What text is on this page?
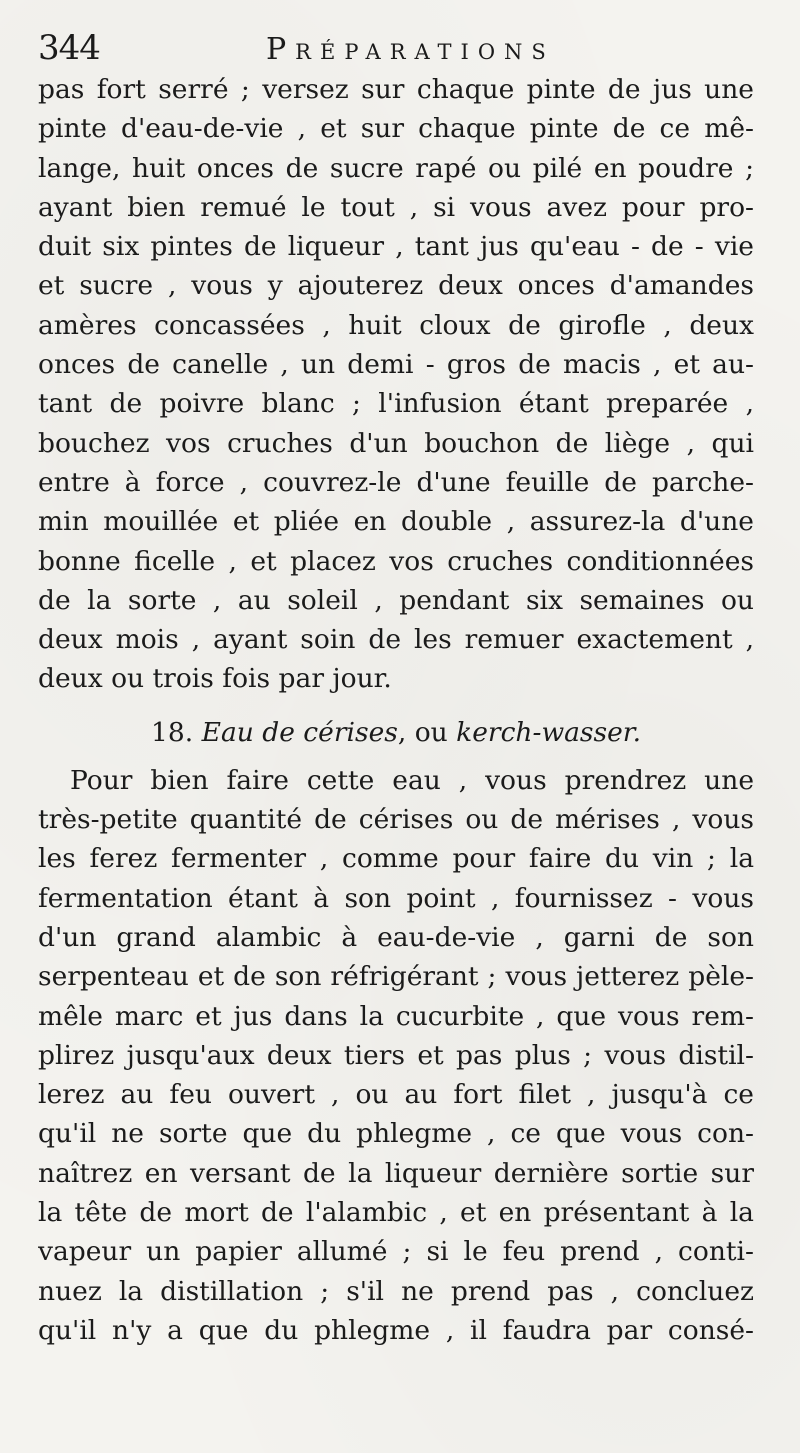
344	Préparations
pas fort serré ; versez sur chaque pinte de jus une
pinte d'eau-de-vie , et sur chaque pinte de ce mê-
lange, huit onces de sucre rapé ou pilé en poudre ;
ayant bien remué le tout , si vous avez pour pro-
duit six pintes de liqueur , tant jus qu'eau - de - vie
et sucre , vous y ajouterez deux onces d'amandes
amères concassées , huit cloux de girofle , deux
onces de canelle , un demi - gros de macis , et au-
tant de poivre blanc ; l'infusion étant preparée ,
bouchez vos cruches d'un bouchon de liège , qui
entre à force , couvrez-le d'une feuille de parche-
min mouillée et pliée en double , assurez-la d'une
bonne ficelle , et placez vos cruches conditionnées
de la sorte , au soleil , pendant six semaines ou
deux mois , ayant soin de les remuer exactement ,
deux ou trois fois par jour.
18. Eau de cérises, ou kerch-wasser.
Pour bien faire cette eau , vous prendrez une
très-petite quantité de cérises ou de mérises , vous
les ferez fermenter , comme pour faire du vin ; la
fermentation étant à son point , fournissez - vous
d'un grand alambic à eau-de-vie , garni de son
serpenteau et de son réfrigérant ; vous jetterez pèle-
mêle marc et jus dans la cucurbite , que vous rem-
plirez jusqu'aux deux tiers et pas plus ; vous distil-
lerez au feu ouvert , ou au fort filet , jusqu'à ce
qu'il ne sorte que du phlegme , ce que vous con-
naîtrez en versant de la liqueur dernière sortie sur
la tête de mort de l'alambic , et en présentant à la
vapeur un papier allumé ; si le feu prend , conti-
nuez la distillation ; s'il ne prend pas , concluez
qu'il n'y a que du phlegme , il faudra par consé-
